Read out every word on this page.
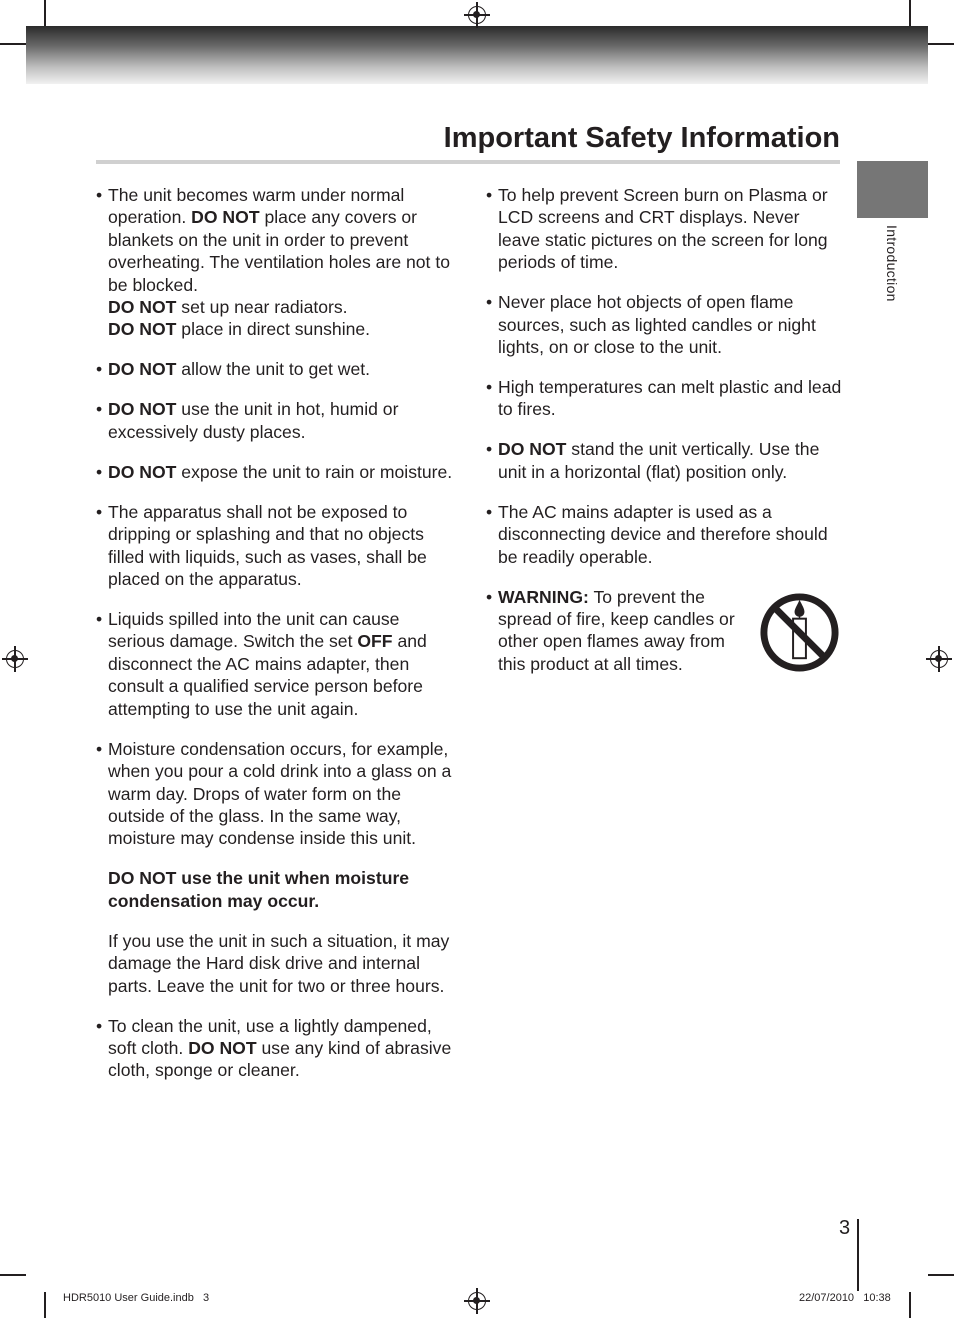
Important Safety Information
Introduction

• The unit becomes warm under normal operation. DO NOT place any covers or blankets on the unit in order to prevent overheating. The ventilation holes are not to be blocked.

DO NOT set up near radiators.

DO NOT place in direct sunshine.

• DO NOT allow the unit to get wet.

• DO NOT use the unit in hot, humid or excessively dusty places.

• DO NOT expose the unit to rain or moisture.

• The apparatus shall not be exposed to dripping or splashing and that no objects filled with liquids, such as vases, shall be placed on the apparatus.

• Liquids spilled into the unit can cause serious damage. Switch the set OFF and disconnect the AC mains adapter, then consult a qualified service person before attempting to use the unit again.

• Moisture condensation occurs, for example, when you pour a cold drink into a glass on a warm day. Drops of water form on the outside of the glass. In the same way, moisture may condense inside this unit.

DO NOT use the unit when moisture condensation may occur.

If you use the unit in such a situation, it may damage the Hard disk drive and internal parts. Leave the unit for two or three hours.

• To clean the unit, use a lightly dampened, soft cloth. DO NOT use any kind of abrasive cloth, sponge or cleaner.

• To help prevent Screen burn on Plasma or LCD screens and CRT displays. Never leave static pictures on the screen for long periods of time.

• Never place hot objects of open flame sources, such as lighted candles or night lights, on or close to the unit.

• High temperatures can melt plastic and lead to fires.

• DO NOT stand the unit vertically. Use the unit in a horizontal (flat) position only.

• The AC mains adapter is used as a disconnecting device and therefore should be readily operable.

• WARNING: To prevent the spread of fire, keep candles or other open flames away from this product at all times.

3
HDR5010 User Guide.indb   3	22/07/2010   10:38
